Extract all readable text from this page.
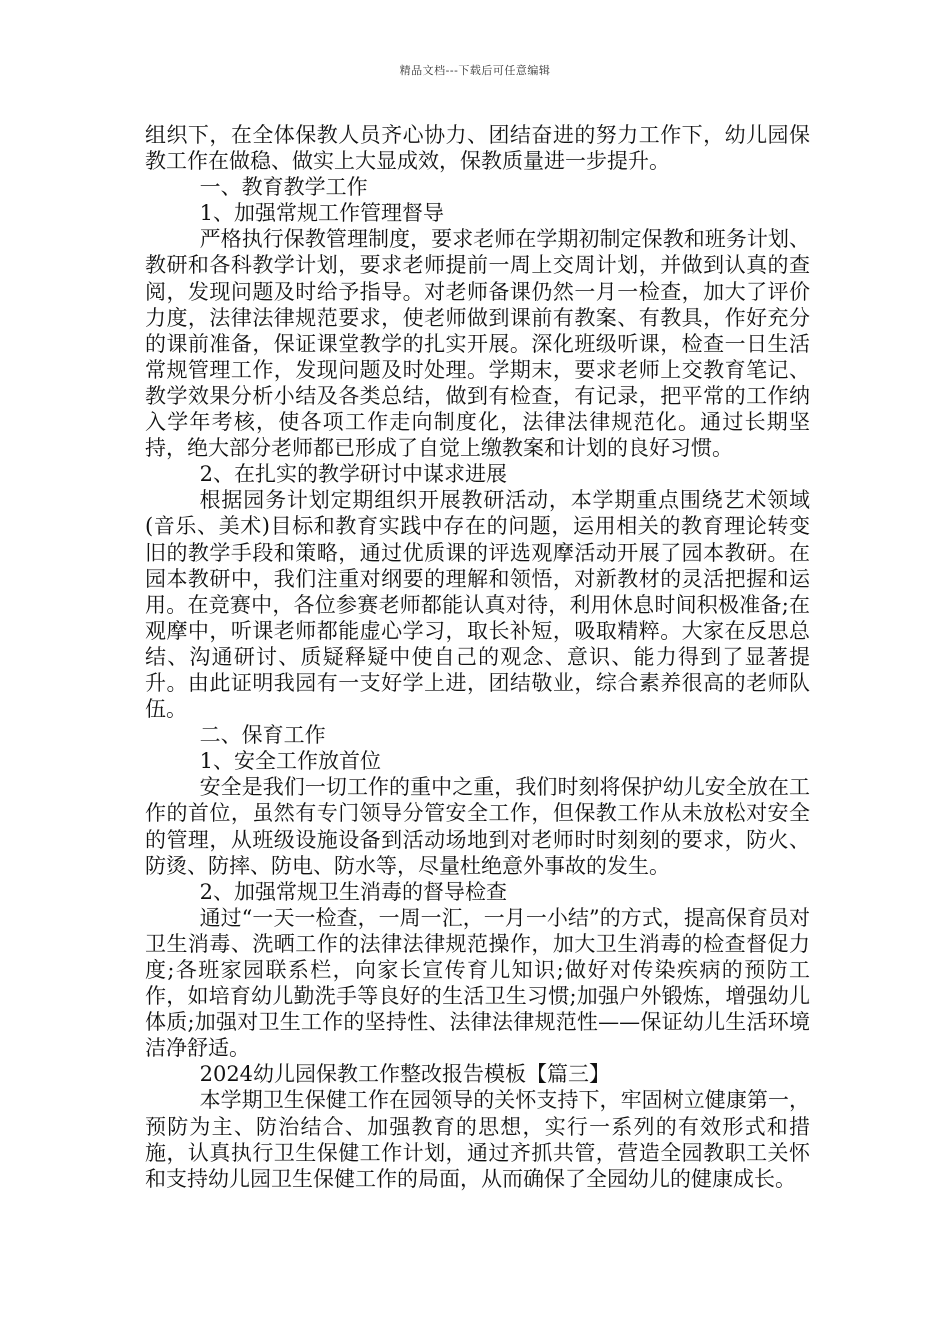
精品文档---下载后可任意编辑

组织下，在全体保教人员齐心协力、团结奋进的努力工作下，幼儿园保教工作在做稳、做实上大显成效，保教质量进一步提升。

一、教育教学工作

1、加强常规工作管理督导

严格执行保教管理制度，要求老师在学期初制定保教和班务计划、教研和各科教学计划，要求老师提前一周上交周计划，并做到认真的查阅，发现问题及时给予指导。对老师备课仍然一月一检查，加大了评价力度，法律法律规范要求，使老师做到课前有教案、有教具，作好充分的课前准备，保证课堂教学的扎实开展。深化班级听课，检查一日生活常规管理工作，发现问题及时处理。学期末，要求老师上交教育笔记、教学效果分析小结及各类总结，做到有检查，有记录，把平常的工作纳入学年考核，使各项工作走向制度化，法律法律规范化。通过长期坚持，绝大部分老师都已形成了自觉上缴教案和计划的良好习惯。

2、在扎实的教学研讨中谋求进展

根据园务计划定期组织开展教研活动，本学期重点围绕艺术领域(音乐、美术)目标和教育实践中存在的问题，运用相关的教育理论转变旧的教学手段和策略，通过优质课的评选观摩活动开展了园本教研。在园本教研中，我们注重对纲要的理解和领悟，对新教材的灵活把握和运用。在竞赛中，各位参赛老师都能认真对待，利用休息时间积极准备;在观摩中，听课老师都能虚心学习，取长补短，吸取精粹。大家在反思总结、沟通研讨、质疑释疑中使自己的观念、意识、能力得到了显著提升。由此证明我园有一支好学上进，团结敬业，综合素养很高的老师队伍。

二、保育工作

1、安全工作放首位

安全是我们一切工作的重中之重，我们时刻将保护幼儿安全放在工作的首位，虽然有专门领导分管安全工作，但保教工作从未放松对安全的管理，从班级设施设备到活动场地到对老师时时刻刻的要求，防火、防烫、防摔、防电、防水等，尽量杜绝意外事故的发生。

2、加强常规卫生消毒的督导检查

通过“一天一检查，一周一汇，一月一小结”的方式，提高保育员对卫生消毒、洗晒工作的法律法律规范操作，加大卫生消毒的检查督促力度;各班家园联系栏，向家长宣传育儿知识;做好对传染疾病的预防工作，如培育幼儿勤洗手等良好的生活卫生习惯;加强户外锻炼，增强幼儿体质;加强对卫生工作的坚持性、法律法律规范性——保证幼儿生活环境洁净舒适。

2024幼儿园保教工作整改报告模板【篇三】

本学期卫生保健工作在园领导的关怀支持下，牢固树立健康第一，预防为主、防治结合、加强教育的思想，实行一系列的有效形式和措施，认真执行卫生保健工作计划，通过齐抓共管，营造全园教职工关怀和支持幼儿园卫生保健工作的局面，从而确保了全园幼儿的健康成长。
